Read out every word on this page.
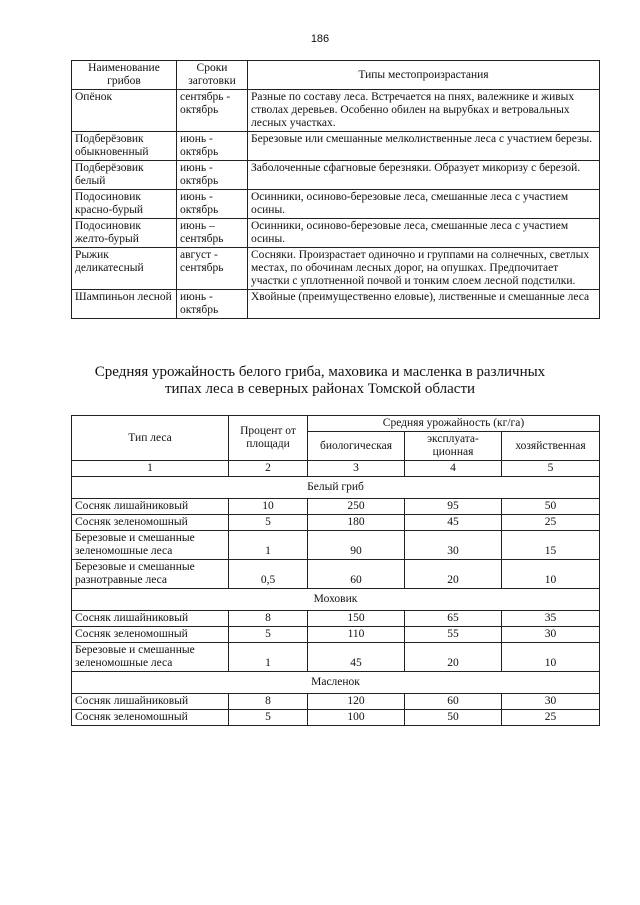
186
Наименование грибов	Сроки заготовки	Типы местопроизрастания
Опёнок	сентябрь - октябрь	Разные по составу леса. Встречается на пнях, валежнике и живых стволах деревьев. Особенно обилен на вырубках и ветровальных лесных участках.
Подберёзовик обыкновенный	июнь - октябрь	Березовые или смешанные мелколиственные леса с участием березы.
Подберёзовик белый	июнь - октябрь	Заболоченные сфагновые березняки. Образует микоризу с березой.
Подосиновик красно-бурый	июнь - октябрь	Осинники, осиново-березовые леса, смешанные леса с участием осины.
Подосиновик желто-бурый	июнь – сентябрь	Осинники, осиново-березовые леса, смешанные леса с участием осины.
Рыжик деликатесный	август - сентябрь	Сосняки. Произрастает одиночно и группами на солнечных, светлых местах, по обочинам лесных дорог, на опушках. Предпочитает участки с уплотненной почвой и тонким слоем лесной подстилки.
Шампиньон лесной	июнь - октябрь	Хвойные (преимущественно еловые), лиственные и смешанные леса
Средняя урожайность белого гриба, маховика и масленка в различных типах леса в северных районах Томской области
Тип леса	Процент от площади	Средняя урожайность (кг/га)		
		биологическая	эксплуата-ционная	хозяйственная
1	2	3	4	5
Белый гриб				
Сосняк лишайниковый	10	250	95	50
Сосняк зеленомошный	5	180	45	25
Березовые и смешанные зеленомошные леса	1	90	30	15
Березовые и смешанные разнотравные леса	0,5	60	20	10
Моховик				
Сосняк лишайниковый	8	150	65	35
Сосняк зеленомошный	5	110	55	30
Березовые и смешанные зеленомошные леса	1	45	20	10
Масленок				
Сосняк лишайниковый	8	120	60	30
Сосняк зеленомошный	5	100	50	25
